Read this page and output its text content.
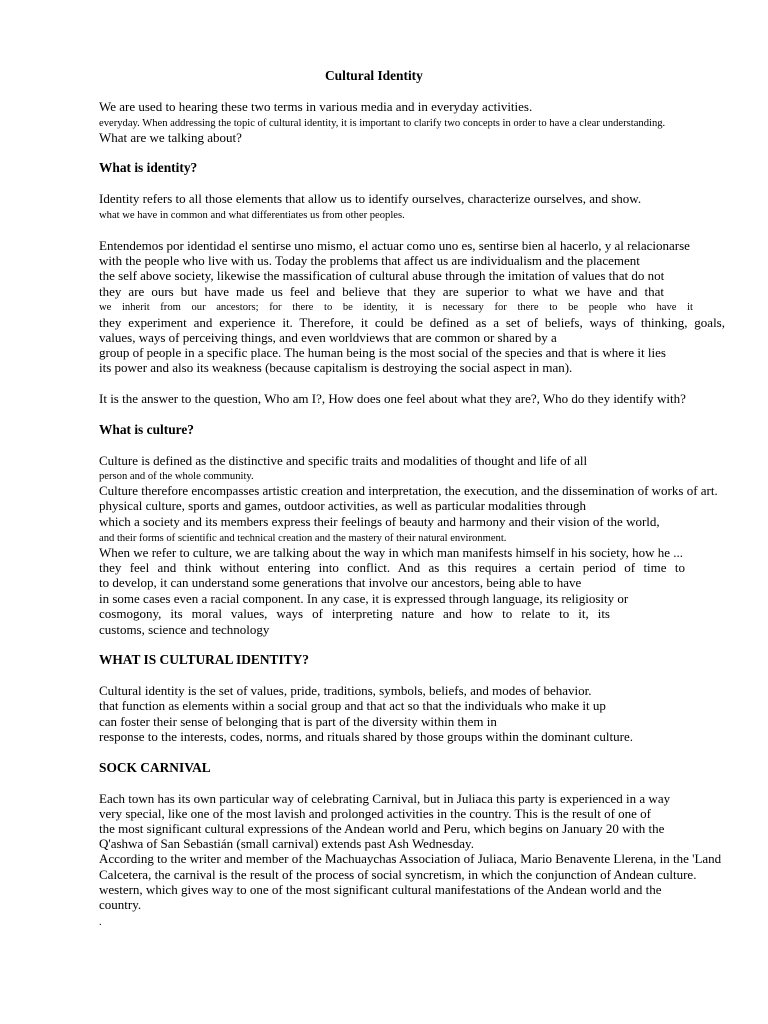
Cultural Identity
We are used to hearing these two terms in various media and in everyday activities.
everyday. When addressing the topic of cultural identity, it is important to clarify two concepts in order to have a clear understanding.
What are we talking about?
What is identity?
Identity refers to all those elements that allow us to identify ourselves, characterize ourselves, and show.
what we have in common and what differentiates us from other peoples.
Entendemos por identidad el sentirse uno mismo, el actuar como uno es, sentirse bien al hacerlo, y al relacionarse
with the people who live with us. Today the problems that affect us are individualism and the placement
the self above society, likewise the massification of cultural abuse through the imitation of values that do not
they are ours but have made us feel and believe that they are superior to what we have and that
we inherit from our ancestors; for there to be identity, it is necessary for there to be people who have it
they experiment and experience it. Therefore, it could be defined as a set of beliefs, ways of thinking, goals,
values, ways of perceiving things, and even worldviews that are common or shared by a
group of people in a specific place. The human being is the most social of the species and that is where it lies
its power and also its weakness (because capitalism is destroying the social aspect in man).
It is the answer to the question, Who am I?, How does one feel about what they are?, Who do they identify with?
What is culture?
Culture is defined as the distinctive and specific traits and modalities of thought and life of all
person and of the whole community.
Culture therefore encompasses artistic creation and interpretation, the execution, and the dissemination of works of art.
physical culture, sports and games, outdoor activities, as well as particular modalities through
which a society and its members express their feelings of beauty and harmony and their vision of the world,
and their forms of scientific and technical creation and the mastery of their natural environment.
When we refer to culture, we are talking about the way in which man manifests himself in his society, how he ...
they feel and think without entering into conflict. And as this requires a certain period of time to
to develop, it can understand some generations that involve our ancestors, being able to have
in some cases even a racial component. In any case, it is expressed through language, its religiosity or
cosmogony, its moral values, ways of interpreting nature and how to relate to it, its
customs, science and technology
WHAT IS CULTURAL IDENTITY?
Cultural identity is the set of values, pride, traditions, symbols, beliefs, and modes of behavior.
that function as elements within a social group and that act so that the individuals who make it up
can foster their sense of belonging that is part of the diversity within them in
response to the interests, codes, norms, and rituals shared by those groups within the dominant culture.
SOCK CARNIVAL
Each town has its own particular way of celebrating Carnival, but in Juliaca this party is experienced in a way
very special, like one of the most lavish and prolonged activities in the country. This is the result of one of
the most significant cultural expressions of the Andean world and Peru, which begins on January 20 with the
Q'ashwa of San Sebastián (small carnival) extends past Ash Wednesday.
According to the writer and member of the Machuaychas Association of Juliaca, Mario Benavente Llerena, in the 'Land
Calcetera, the carnival is the result of the process of social syncretism, in which the conjunction of Andean culture.
western, which gives way to one of the most significant cultural manifestations of the Andean world and the
country.
.
